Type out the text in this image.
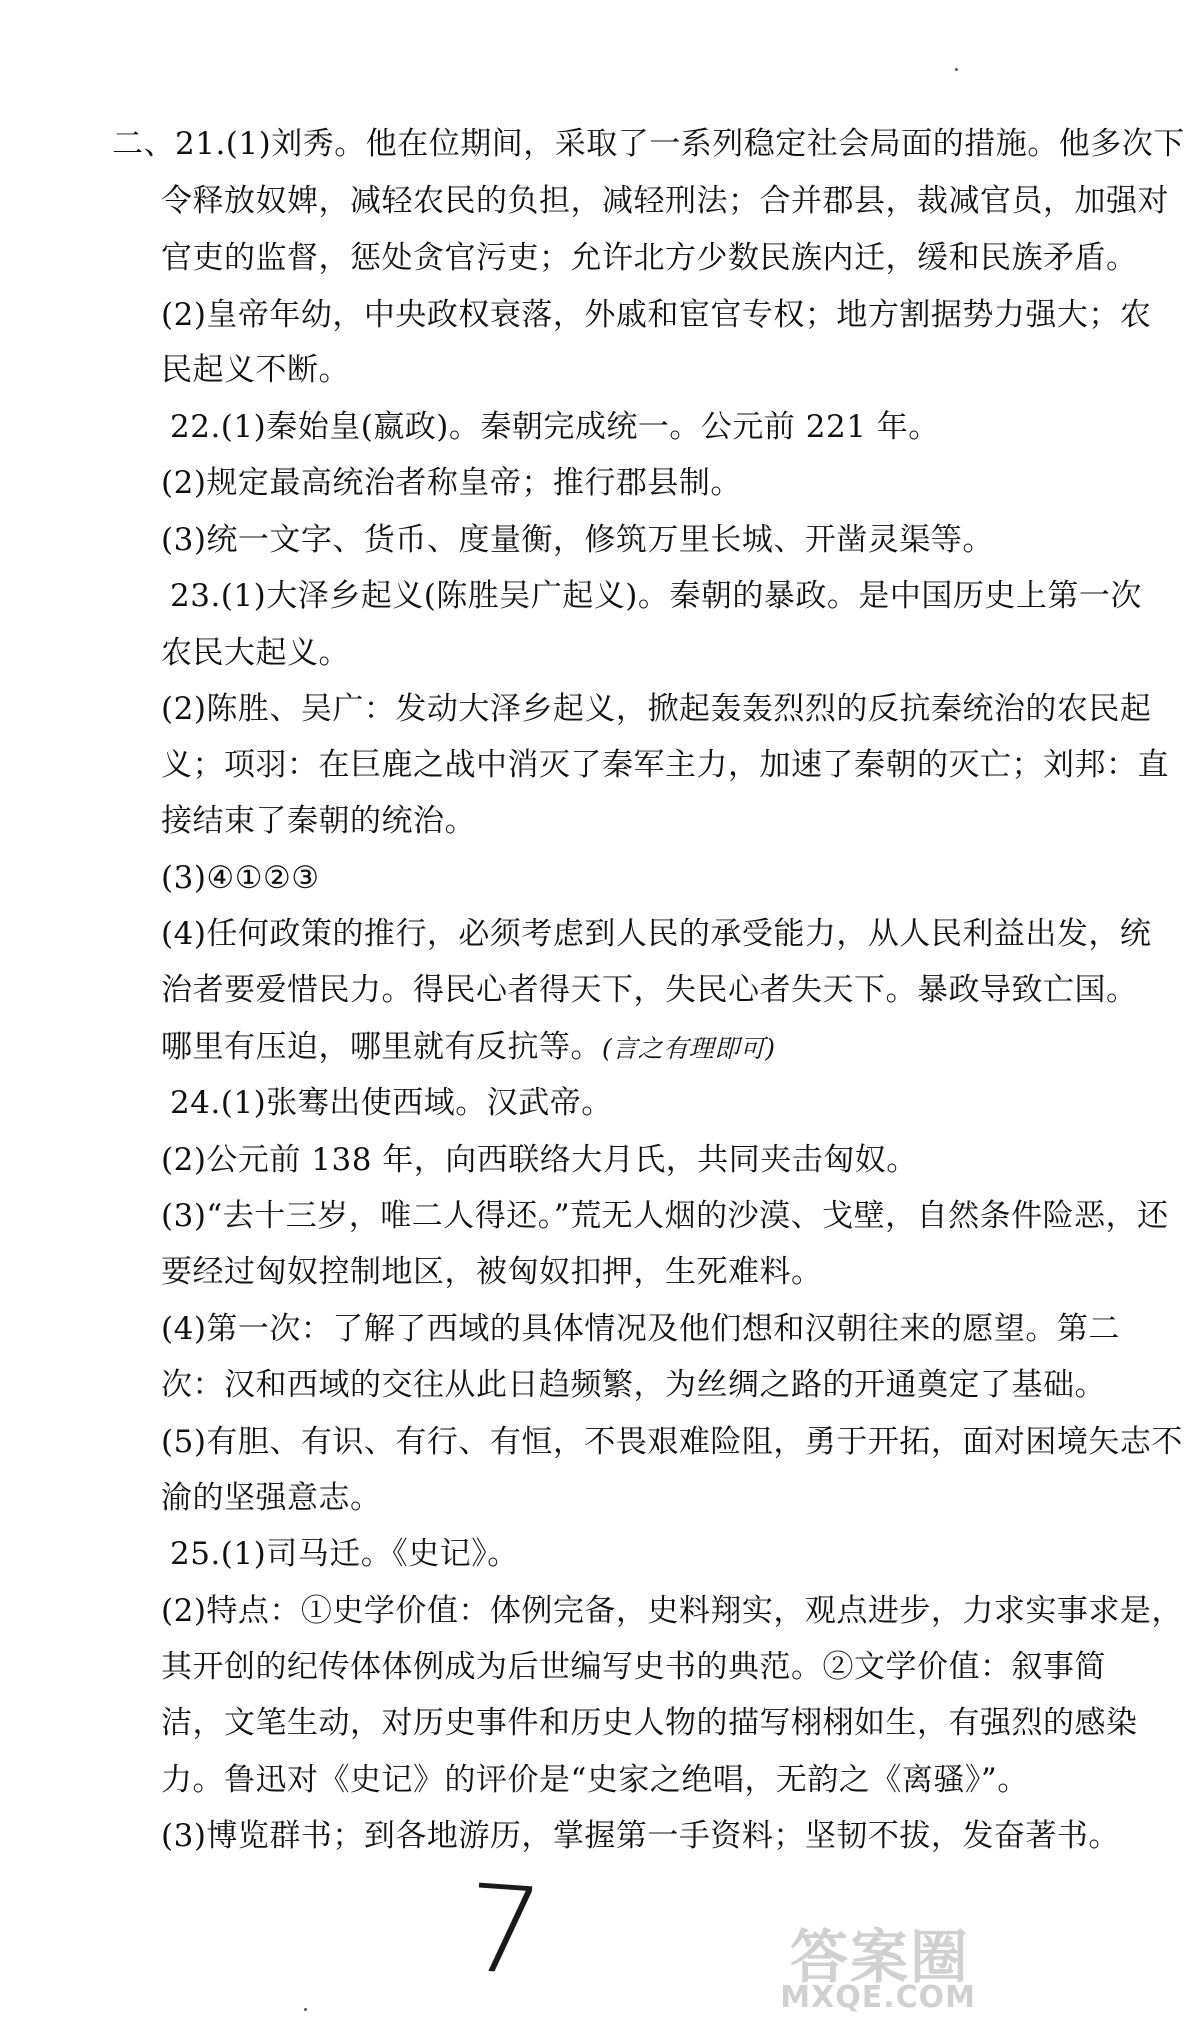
二、21.(1)刘秀。他在位期间，采取了一系列稳定社会局面的措施。他多次下
令释放奴婢，减轻农民的负担，减轻刑法；合并郡县，裁减官员，加强对
官吏的监督，惩处贪官污吏；允许北方少数民族内迁，缓和民族矛盾。
(2)皇帝年幼，中央政权衰落，外戚和宦官专权；地方割据势力强大；农
民起义不断。
22.(1)秦始皇(嬴政)。秦朝完成统一。公元前 221 年。
(2)规定最高统治者称皇帝；推行郡县制。
(3)统一文字、货币、度量衡，修筑万里长城、开凿灵渠等。
23.(1)大泽乡起义(陈胜吴广起义)。秦朝的暴政。是中国历史上第一次
农民大起义。
(2)陈胜、吴广：发动大泽乡起义，掀起轰轰烈烈的反抗秦统治的农民起
义；项羽：在巨鹿之战中消灭了秦军主力，加速了秦朝的灭亡；刘邦：直
接结束了秦朝的统治。
(3)④①②③
(4)任何政策的推行，必须考虑到人民的承受能力，从人民利益出发，统
治者要爱惜民力。得民心者得天下，失民心者失天下。暴政导致亡国。
哪里有压迫，哪里就有反抗等。(言之有理即可)
24.(1)张骞出使西域。汉武帝。
(2)公元前 138 年，向西联络大月氏，共同夹击匈奴。
(3)“去十三岁，唯二人得还。”荒无人烟的沙漠、戈壁，自然条件险恶，还
要经过匈奴控制地区，被匈奴扣押，生死难料。
(4)第一次：了解了西域的具体情况及他们想和汉朝往来的愿望。第二
次：汉和西域的交往从此日趋频繁，为丝绸之路的开通奠定了基础。
(5)有胆、有识、有行、有恒，不畏艰难险阻，勇于开拓，面对困境矢志不
渝的坚强意志。
25.(1)司马迁。《史记》。
(2)特点：①史学价值：体例完备，史料翔实，观点进步，力求实事求是，
其开创的纪传体体例成为后世编写史书的典范。②文学价值：叙事简
洁，文笔生动，对历史事件和历史人物的描写栩栩如生，有强烈的感染
力。鲁迅对《史记》的评价是“史家之绝唱，无韵之《离骚》”。
(3)博览群书；到各地游历，掌握第一手资料；坚韧不拔，发奋著书。
7	答案圈
MXQE.COM
